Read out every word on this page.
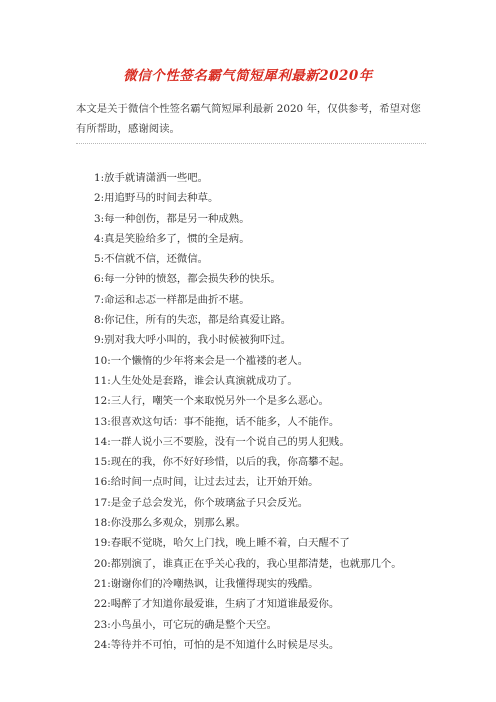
微信个性签名霸气简短犀利最新2020年
本文是关于微信个性签名霸气简短犀利最新 2020 年，仅供参考，希望对您有所帮助，感谢阅读。
1:放手就请潇洒一些吧。
2:用追野马的时间去种草。
3:每一种创伤，都是另一种成熟。
4:真是笑脸给多了，惯的全是病。
5:不信就不信，还微信。
6:每一分钟的愤怒，都会损失秒的快乐。
7:命运和忐忑一样都是曲折不堪。
8:你记住，所有的失恋，都是给真爱让路。
9:别对我大呼小叫的，我小时候被狗吓过。
10:一个懒惰的少年将来会是一个褴褛的老人。
11:人生处处是套路，谁会认真演就成功了。
12:三人行，嘲笑一个来取悦另外一个是多么恶心。
13:很喜欢这句话：事不能拖，话不能多，人不能作。
14:一群人说小三不要脸，没有一个说自己的男人犯贱。
15:现在的我，你不好好珍惜，以后的我，你高攀不起。
16:给时间一点时间，让过去过去，让开始开始。
17:是金子总会发光，你个玻璃盆子只会反光。
18:你没那么多观众，别那么累。
19:春眠不觉晓，哈欠上门找，晚上睡不着，白天醒不了
20:都别演了，谁真正在乎关心我的，我心里都清楚，也就那几个。
21:谢谢你们的冷嘲热讽，让我懂得现实的残酷。
22:喝醉了才知道你最爱谁，生病了才知道谁最爱你。
23:小鸟虽小，可它玩的确是整个天空。
24:等待并不可怕，可怕的是不知道什么时候是尽头。
